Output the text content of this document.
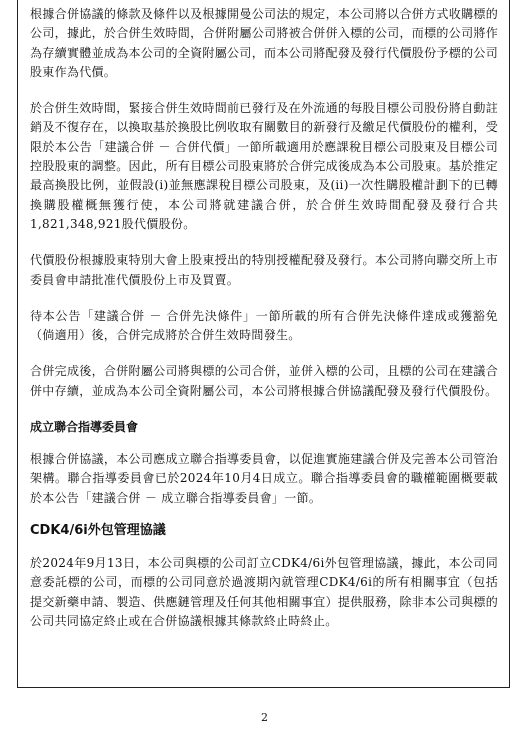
根據合併協議的條款及條件以及根據開曼公司法的規定，本公司將以合併方式收購標的公司，據此，於合併生效時間，合併附屬公司將被合併併入標的公司，而標的公司將作為存續實體並成為本公司的全資附屬公司，而本公司將配發及發行代價股份予標的公司股東作為代價。

於合併生效時間，緊接合併生效時間前已發行及在外流通的每股目標公司股份將自動註銷及不復存在，以換取基於換股比例收取有關數目的新發行及繳足代價股份的權利，受限於本公告「建議合併 － 合併代價」一節所載適用於應課稅目標公司股東及目標公司控股股東的調整。因此，所有目標公司股東將於合併完成後成為本公司股東。基於推定最高換股比例，並假設(i)並無應課稅目標公司股東，及(ii)一次性購股權計劃下的已轉換購股權概無獲行使，本公司將就建議合併，於合併生效時間配發及發行合共1,821,348,921股代價股份。

代價股份根據股東特別大會上股東授出的特別授權配發及發行。本公司將向聯交所上市委員會申請批准代價股份上市及買賣。

待本公告「建議合併 － 合併先決條件」一節所載的所有合併先決條件達成或獲豁免（倘適用）後，合併完成將於合併生效時間發生。

合併完成後，合併附屬公司將與標的公司合併，並併入標的公司，且標的公司在建議合併中存續，並成為本公司全資附屬公司，本公司將根據合併協議配發及發行代價股份。

成立聯合指導委員會

根據合併協議，本公司應成立聯合指導委員會，以促進實施建議合併及完善本公司管治架構。聯合指導委員會已於2024年10月4日成立。聯合指導委員會的職權範圍概要載於本公告「建議合併 － 成立聯合指導委員會」一節。

CDK4/6i外包管理協議

於2024年9月13日，本公司與標的公司訂立CDK4/6i外包管理協議，據此，本公司同意委託標的公司，而標的公司同意於過渡期內就管理CDK4/6i的所有相關事宜（包括提交新藥申請、製造、供應鏈管理及任何其他相關事宜）提供服務，除非本公司與標的公司共同協定終止或在合併協議根據其條款終止時終止。

2
